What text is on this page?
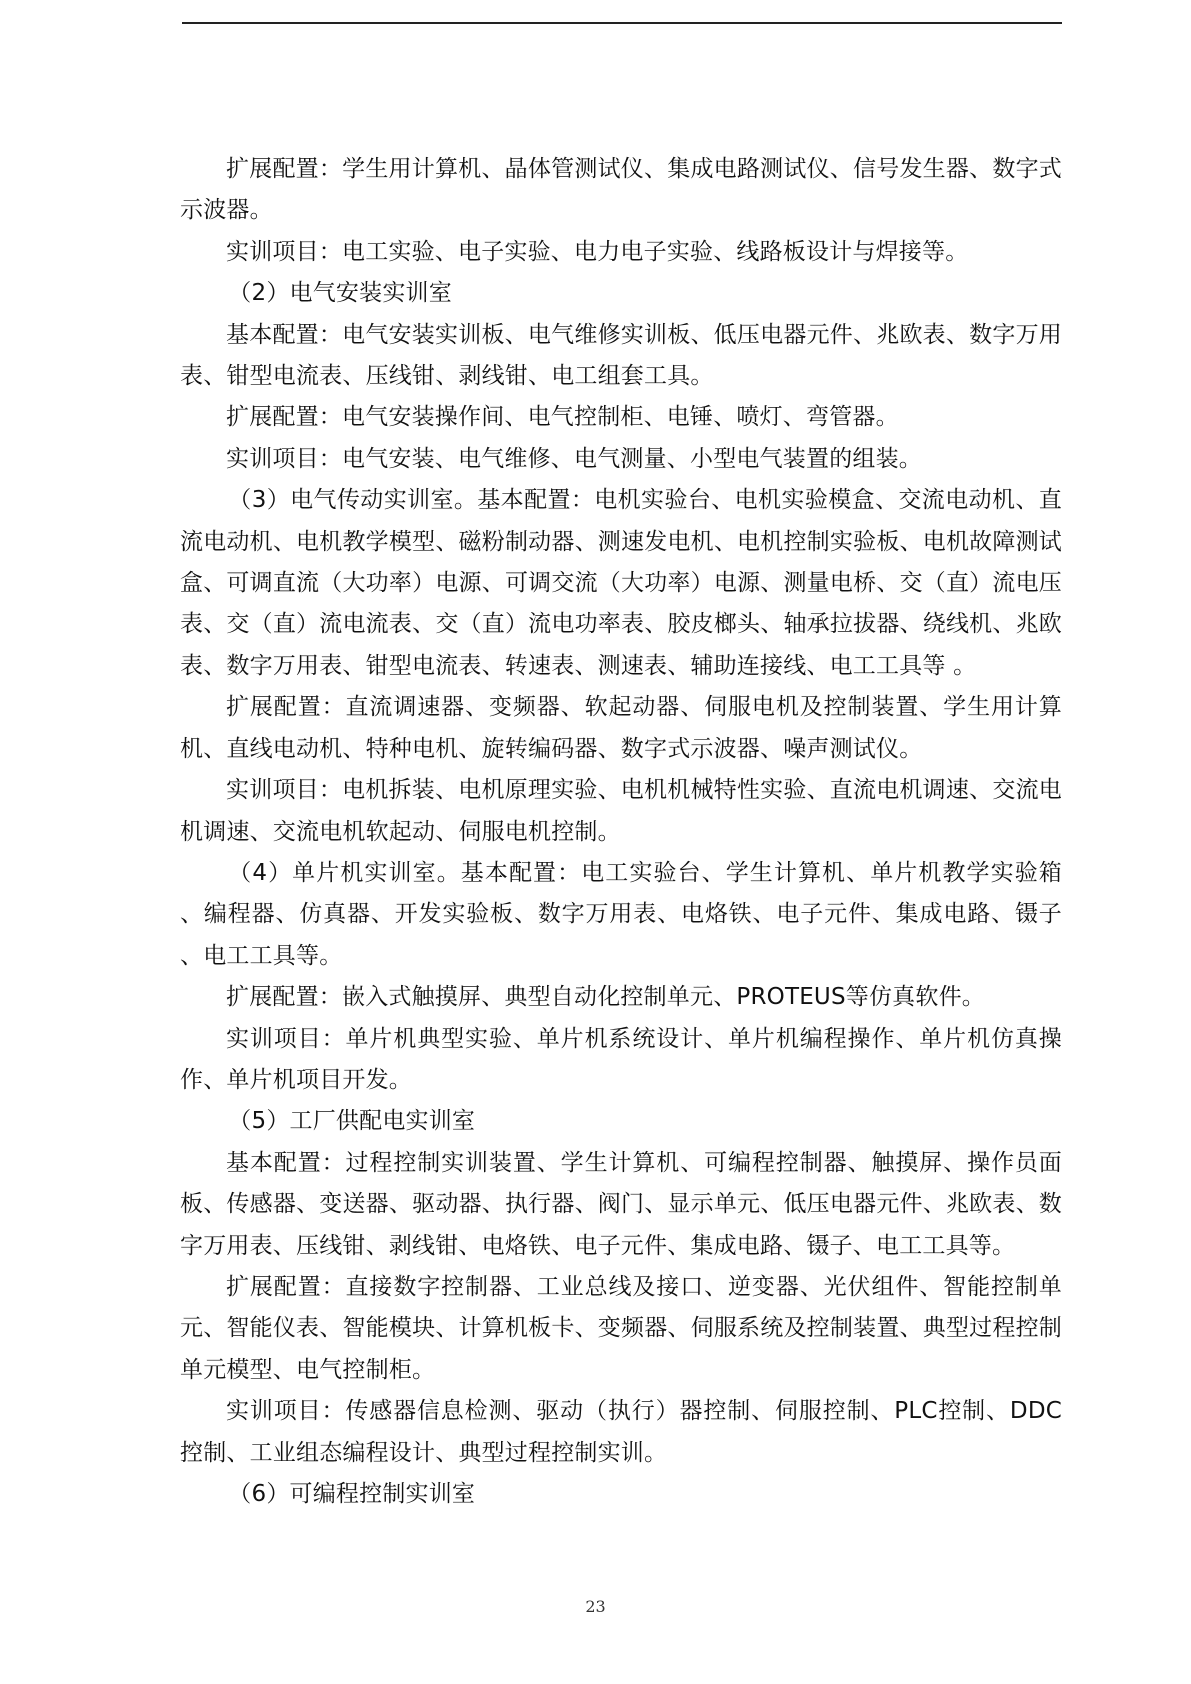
扩展配置：学生用计算机、晶体管测试仪、集成电路测试仪、信号发生器、数字式示波器。

实训项目：电工实验、电子实验、电力电子实验、线路板设计与焊接等。

（2）电气安装实训室

基本配置：电气安装实训板、电气维修实训板、低压电器元件、兆欧表、数字万用表、钳型电流表、压线钳、剥线钳、电工组套工具。

扩展配置：电气安装操作间、电气控制柜、电锤、喷灯、弯管器。

实训项目：电气安装、电气维修、电气测量、小型电气装置的组装。

（3）电气传动实训室。基本配置：电机实验台、电机实验模盒、交流电动机、直流电动机、电机教学模型、磁粉制动器、测速发电机、电机控制实验板、电机故障测试盒、可调直流（大功率）电源、可调交流（大功率）电源、测量电桥、交（直）流电压表、交（直）流电流表、交（直）流电功率表、胶皮榔头、轴承拉拔器、绕线机、兆欧表、数字万用表、钳型电流表、转速表、测速表、辅助连接线、电工工具等 。

扩展配置：直流调速器、变频器、软起动器、伺服电机及控制装置、学生用计算机、直线电动机、特种电机、旋转编码器、数字式示波器、噪声测试仪。

实训项目：电机拆装、电机原理实验、电机机械特性实验、直流电机调速、交流电机调速、交流电机软起动、伺服电机控制。

（4）单片机实训室。基本配置：电工实验台、学生计算机、单片机教学实验箱 、编程器、仿真器、开发实验板、数字万用表、电烙铁、电子元件、集成电路、镊子 、电工工具等。

扩展配置：嵌入式触摸屏、典型自动化控制单元、PROTEUS等仿真软件。

实训项目：单片机典型实验、单片机系统设计、单片机编程操作、单片机仿真操作、单片机项目开发。

（5）工厂供配电实训室

基本配置：过程控制实训装置、学生计算机、可编程控制器、触摸屏、操作员面板、传感器、变送器、驱动器、执行器、阀门、显示单元、低压电器元件、兆欧表、数字万用表、压线钳、剥线钳、电烙铁、电子元件、集成电路、镊子、电工工具等。

扩展配置：直接数字控制器、工业总线及接口、逆变器、光伏组件、智能控制单元、智能仪表、智能模块、计算机板卡、变频器、伺服系统及控制装置、典型过程控制单元模型、电气控制柜。

实训项目：传感器信息检测、驱动（执行）器控制、伺服控制、PLC控制、DDC控制、工业组态编程设计、典型过程控制实训。

（6）可编程控制实训室

23
